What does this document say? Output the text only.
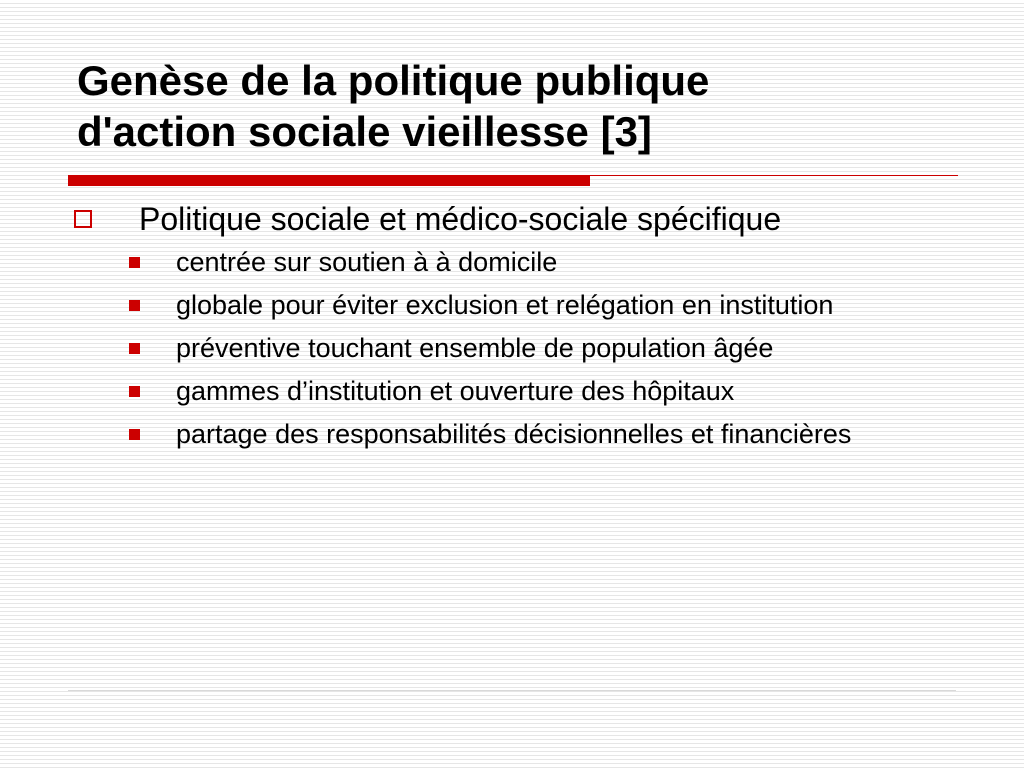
Genèse de la politique publique
d'action sociale vieillesse [3]
Politique sociale et médico-sociale spécifique
centrée sur soutien à à domicile
globale pour éviter exclusion et relégation en institution
préventive touchant ensemble de population âgée
gammes d’institution et ouverture des hôpitaux
partage des responsabilités décisionnelles et financières
